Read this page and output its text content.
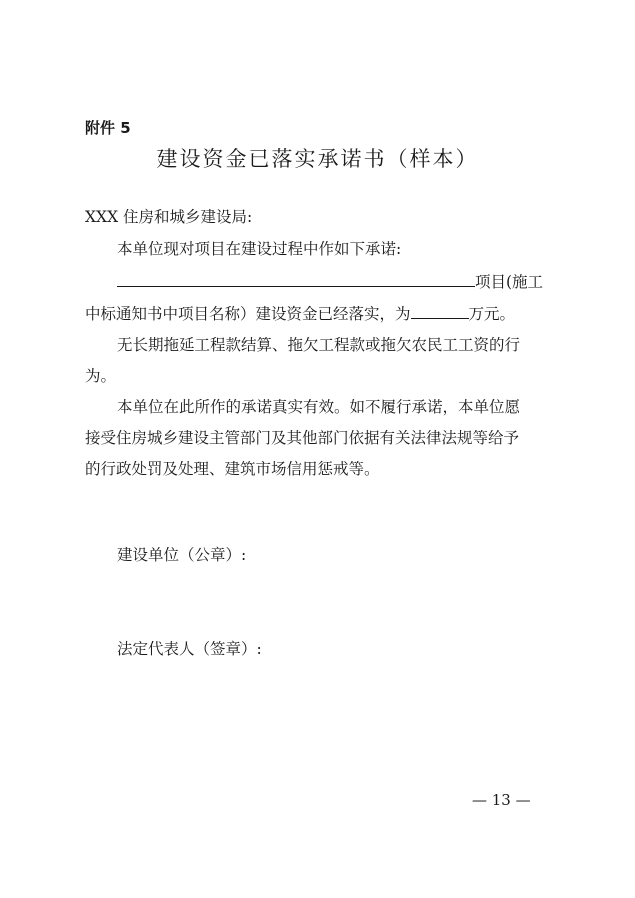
附件 5
建设资金已落实承诺书（样本）
XXX 住房和城乡建设局:
本单位现对项目在建设过程中作如下承诺:
项目(施工
中标通知书中项目名称）建设资金已经落实，为	万元。
无长期拖延工程款结算、拖欠工程款或拖欠农民工工资的行
为。
本单位在此所作的承诺真实有效。如不履行承诺，本单位愿
接受住房城乡建设主管部门及其他部门依据有关法律法规等给予
的行政处罚及处理、建筑市场信用惩戒等。
建设单位（公章）:
法定代表人（签章）:
— 13 —
